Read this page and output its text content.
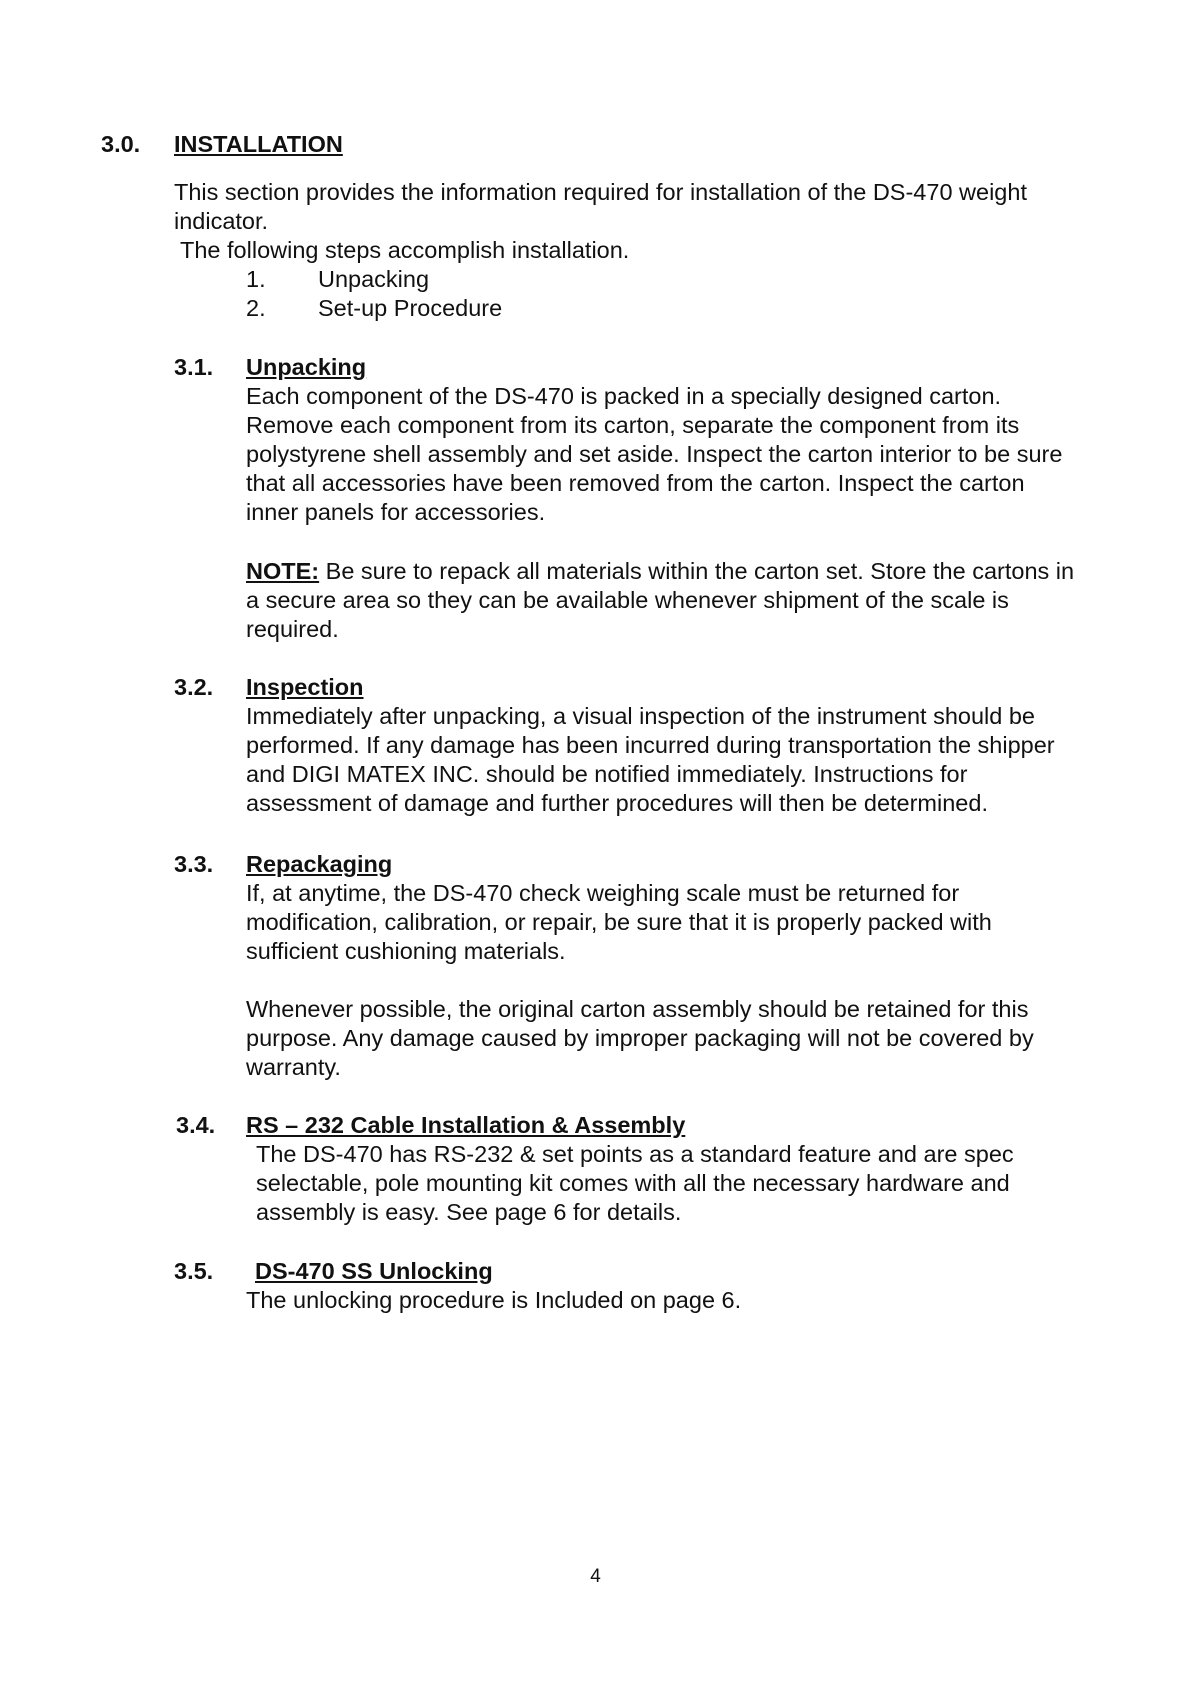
3.0. INSTALLATION

This section provides the information required for installation of the DS-470 weight indicator.

The following steps accomplish installation.
1. Unpacking
2. Set-up Procedure
3.1. Unpacking

Each component of the DS-470 is packed in a specially designed carton. Remove each component from its carton, separate the component from its polystyrene shell assembly and set aside. Inspect the carton interior to be sure that all accessories have been removed from the carton. Inspect the carton inner panels for accessories.

NOTE: Be sure to repack all materials within the carton set. Store the cartons in a secure area so they can be available whenever shipment of the scale is required.

3.2. Inspection

Immediately after unpacking, a visual inspection of the instrument should be performed. If any damage has been incurred during transportation the shipper and DIGI MATEX INC. should be notified immediately. Instructions for assessment of damage and further procedures will then be determined.

3.3. Repackaging

If, at anytime, the DS-470 check weighing scale must be returned for modification, calibration, or repair, be sure that it is properly packed with sufficient cushioning materials.

Whenever possible, the original carton assembly should be retained for this purpose. Any damage caused by improper packaging will not be covered by warranty.

3.4. RS – 232 Cable Installation & Assembly

The DS-470 has RS-232 & set points as a standard feature and are spec selectable, pole mounting kit comes with all the necessary hardware and assembly is easy. See page 6 for details.

3.5. DS-470 SS Unlocking
The unlocking procedure is Included on page 6.
4
